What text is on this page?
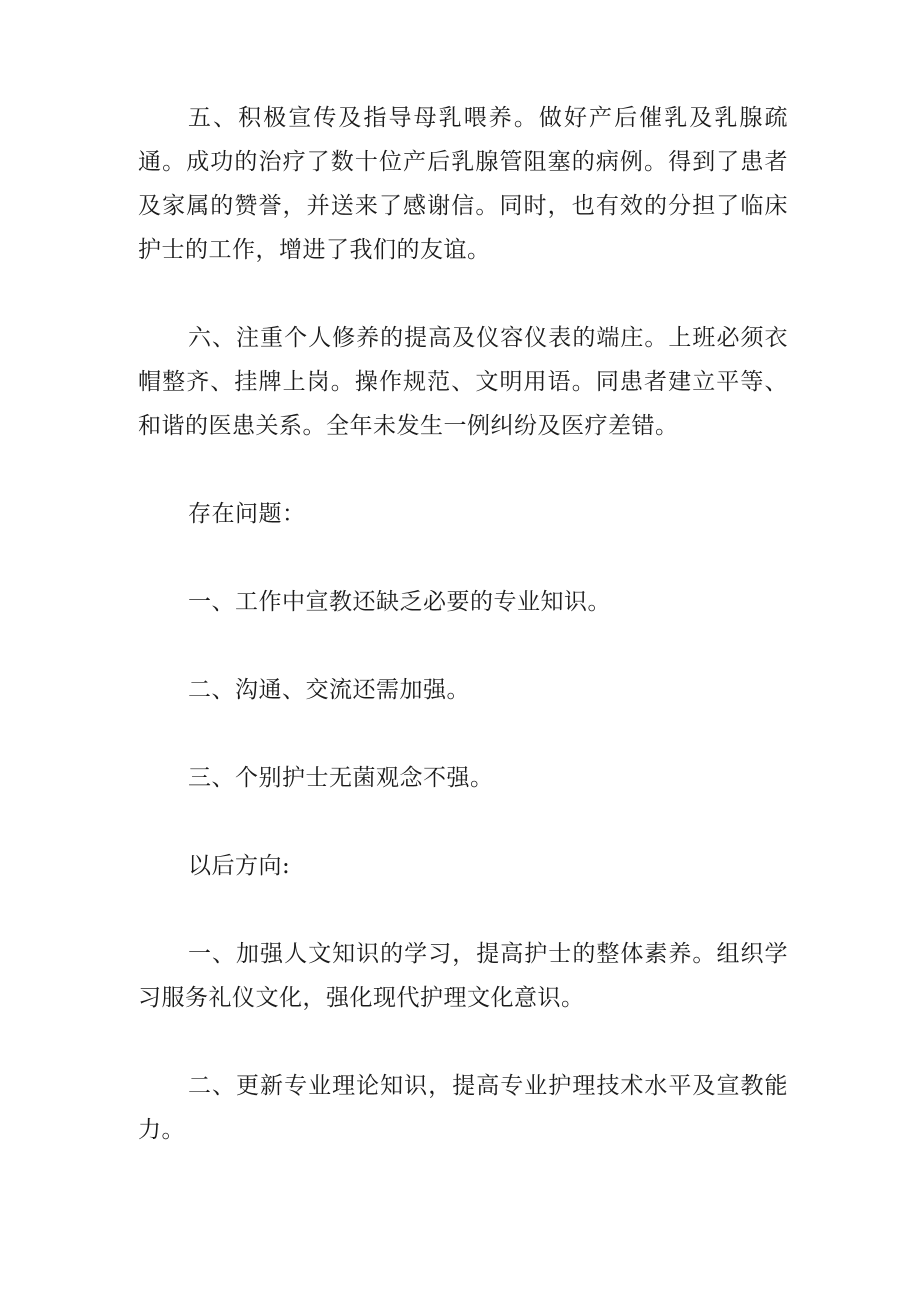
五、积极宣传及指导母乳喂养。做好产后催乳及乳腺疏通。成功的治疗了数十位产后乳腺管阻塞的病例。得到了患者及家属的赞誉，并送来了感谢信。同时，也有效的分担了临床护士的工作，增进了我们的友谊。

六、注重个人修养的提高及仪容仪表的端庄。上班必须衣帽整齐、挂牌上岗。操作规范、文明用语。同患者建立平等、和谐的医患关系。全年未发生一例纠纷及医疗差错。

存在问题：

一、工作中宣教还缺乏必要的专业知识。

二、沟通、交流还需加强。

三、个别护士无菌观念不强。

以后方向:

一、加强人文知识的学习，提高护士的整体素养。组织学习服务礼仪文化，强化现代护理文化意识。

二、更新专业理论知识，提高专业护理技术水平及宣教能力。
